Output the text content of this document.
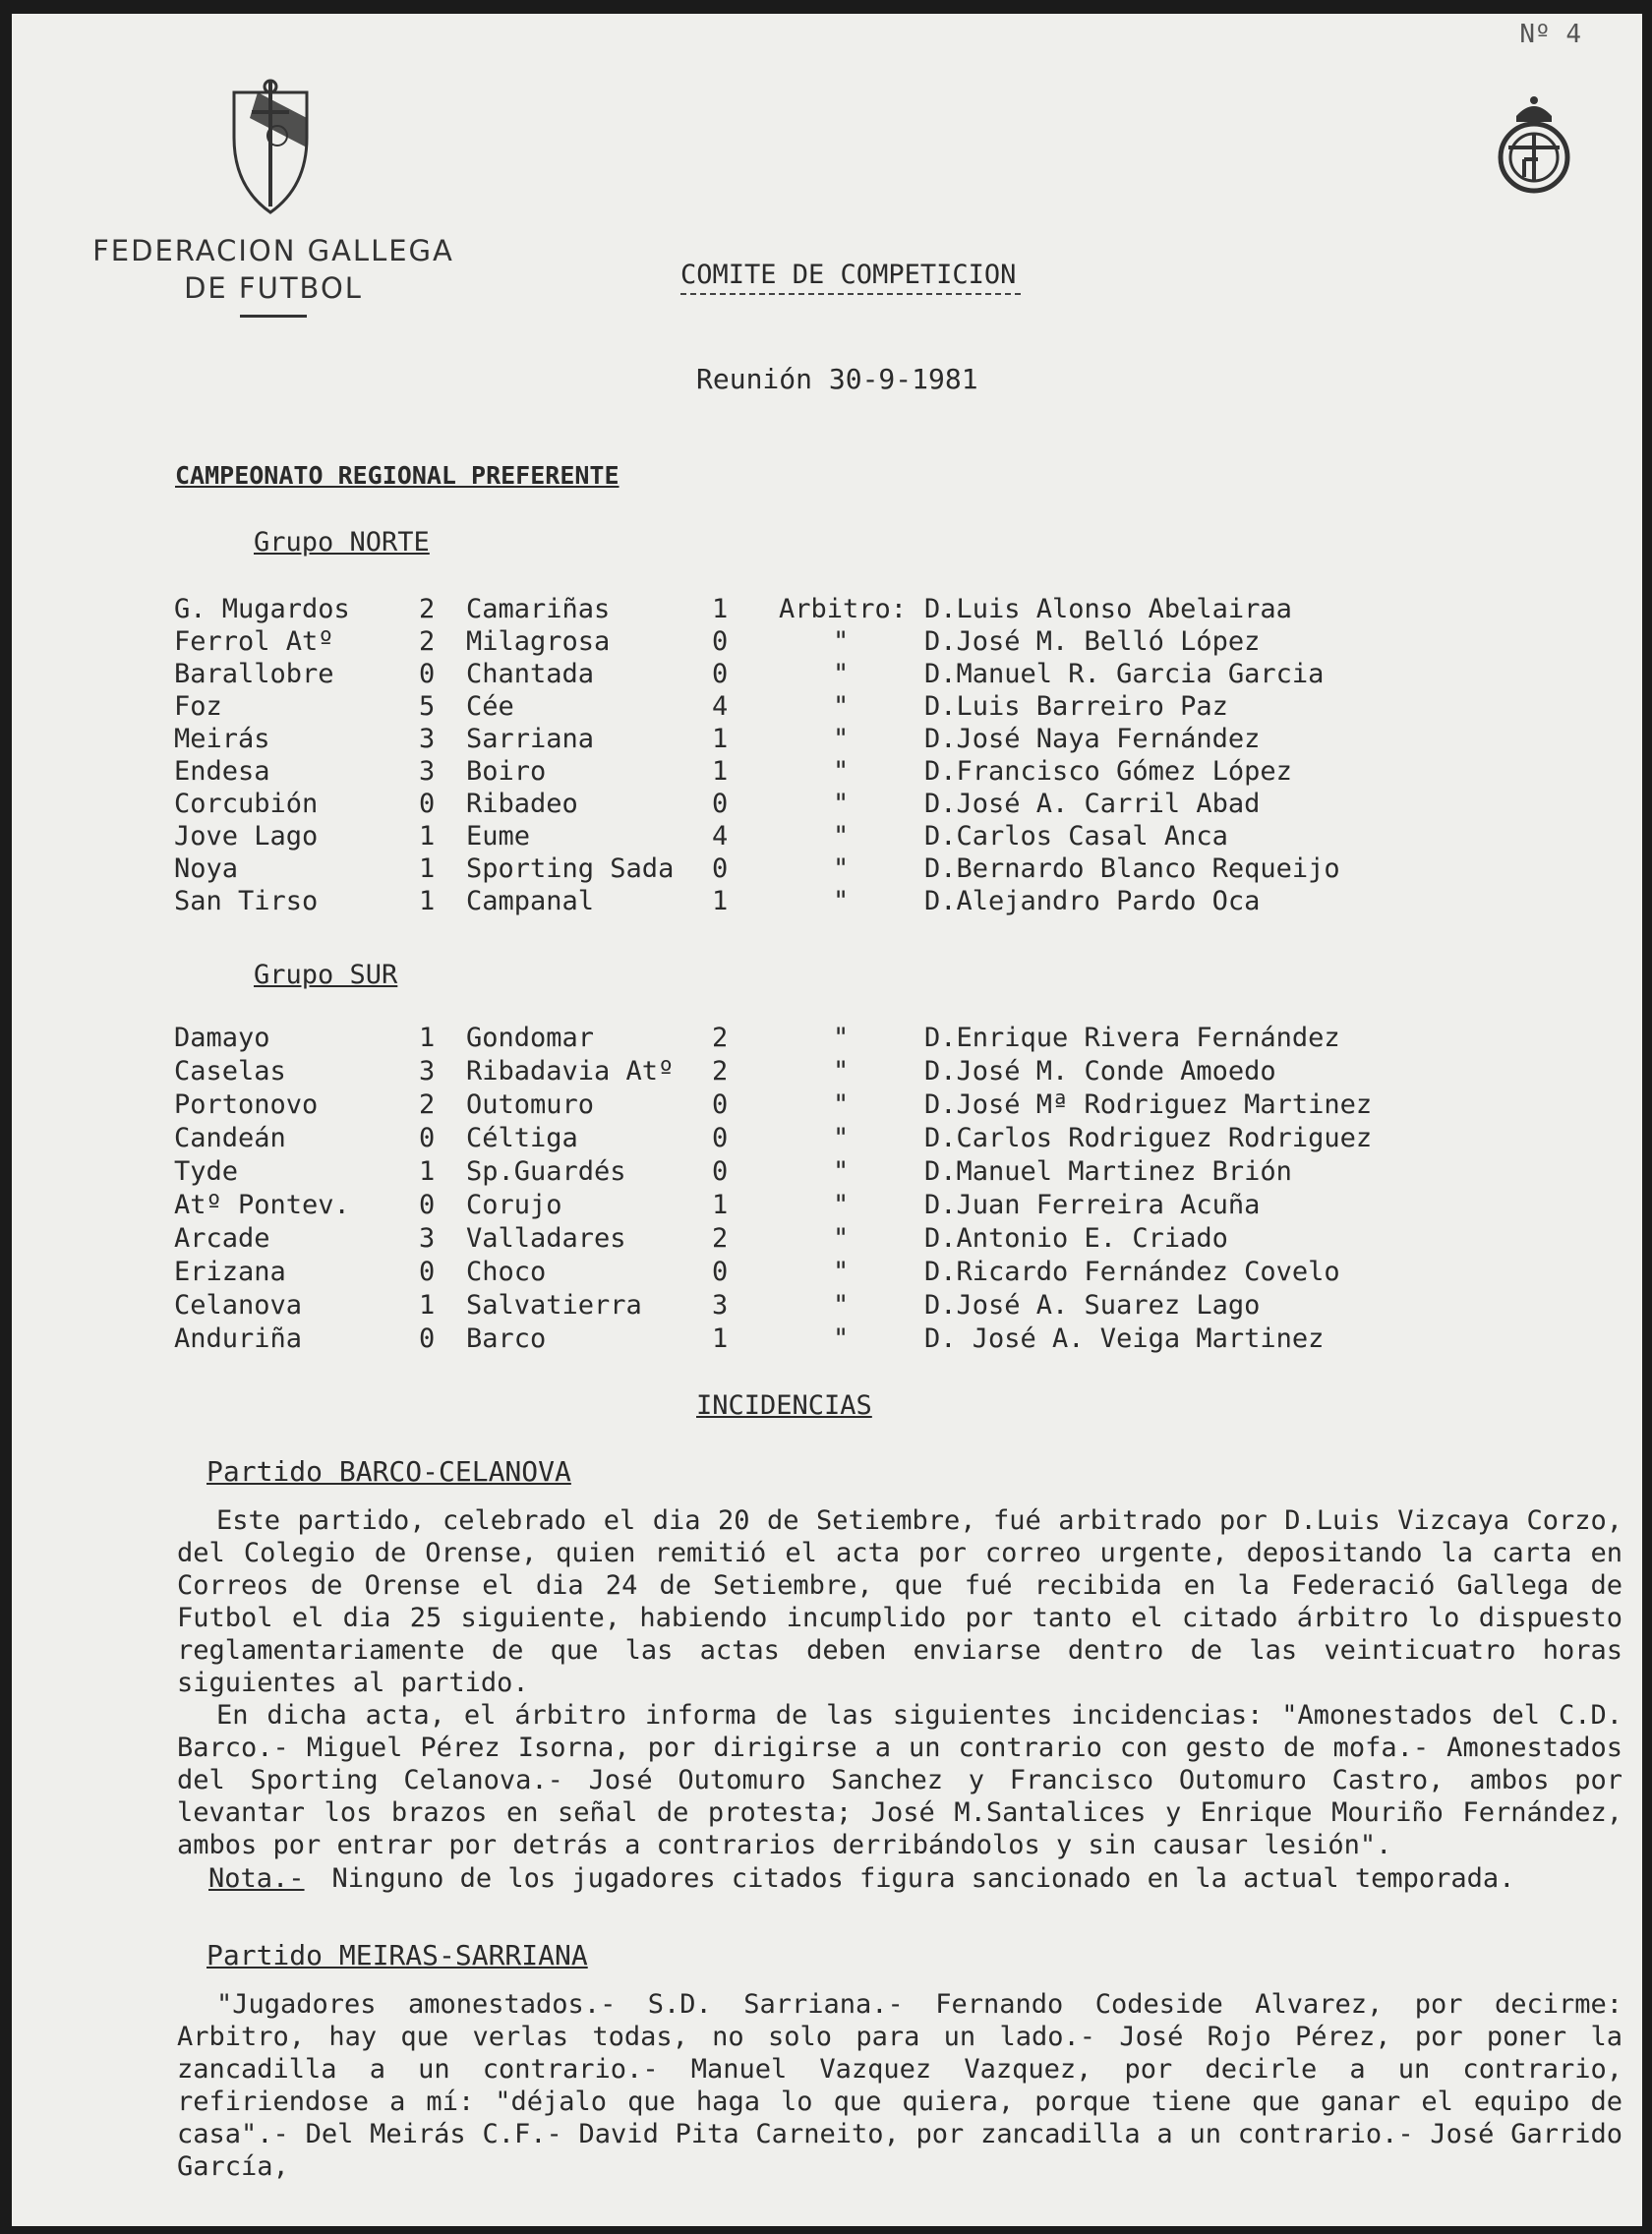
Nº 4
FEDERACION GALLEGA
DE FUTBOL	COMITE DE COMPETICION
Reunión 30-9-1981
CAMPEONATO REGIONAL PREFERENTE
Grupo NORTE
G. Mugardos	2 Camariñas	1 Arbitro: D.Luis Alonso Abelairaa
Ferrol Atº	2 Milagrosa	0	"	D.José M. Belló López
Barallobre	0 Chantada	0	"	D.Manuel R. Garcia Garcia
Foz	5 Cée	4	"	D.Luis Barreiro Paz
Meirás	3 Sarriana	1	"	D.José Naya Fernández
Endesa	3 Boiro	1	"	D.Francisco Gómez López
Corcubión	0 Ribadeo	0	"	D.José A. Carril Abad
Jove Lago	1 Eume	4	"	D.Carlos Casal Anca
Noya	1 Sporting Sada 0	"	D.Bernardo Blanco Requeijo
San Tirso	1 Campanal	1	"	D.Alejandro Pardo Oca
Grupo SUR
Damayo	1 Gondomar	2	"	D.Enrique Rivera Fernández
Caselas	3 Ribadavia Atº 2	"	D.José M. Conde Amoedo
Portonovo	2 Outomuro	0	"	D.José Mª Rodriguez Martinez
Candeán	0 Céltiga	0	"	D.Carlos Rodriguez Rodriguez
Tyde	1 Sp.Guardés	0	"	D.Manuel Martinez Brión
Atº Pontev.	0 Corujo	1	"	D.Juan Ferreira Acuña
Arcade	3 Valladares	2	"	D.Antonio E. Criado
Erizana	0 Choco	0	"	D.Ricardo Fernández Covelo
Celanova	1 Salvatierra	3	"	D.José A. Suarez Lago
Anduriña	0 Barco	1	"	D. José A. Veiga Martinez
INCIDENCIAS
Partido BARCO-CELANOVA
Este partido, celebrado el dia 20 de Setiembre, fué arbitrado por D.Luis Vizcaya Corzo, del Colegio de Orense, quien remitió el acta por correo urgente, depositando la carta en Correos de Orense el dia 24 de Setiembre, que fué recibida en la Federació Gallega de Futbol el dia 25 siguiente, habiendo incumplido por tanto el citado árbitro lo dispuesto reglamentariamente de que las actas deben enviarse dentro de las veinticuatro horas siguientes al partido.
En dicha acta, el árbitro informa de las siguientes incidencias: "Amonestados del C.D. Barco.- Miguel Pérez Isorna, por dirigirse a un contrario con gesto de mofa.- Amonestados del Sporting Celanova.- José Outomuro Sanchez y Francisco Outomuro Castro, ambos por levantar los brazos en señal de protesta; José M.Santalices y Enrique Mouriño Fernández, ambos por entrar por detrás a contrarios derribándolos y sin causar lesión".
Nota.- Ninguno de los jugadores citados figura sancionado en la actual temporada.
Partido MEIRAS-SARRIANA
"Jugadores amonestados.- S.D. Sarriana.- Fernando Codeside Alvarez, por decirme: Arbitro, hay que verlas todas, no solo para un lado.- José Rojo Pérez, por poner la zancadilla a un contrario.- Manuel Vazquez Vazquez, por decirle a un contrario, refiriendose a mí: "déjalo que haga lo que quiera, porque tiene que ganar el equipo de casa".- Del Meirás C.F.- David Pita Carneito, por zancadilla a un contrario.- José Garrido García,
